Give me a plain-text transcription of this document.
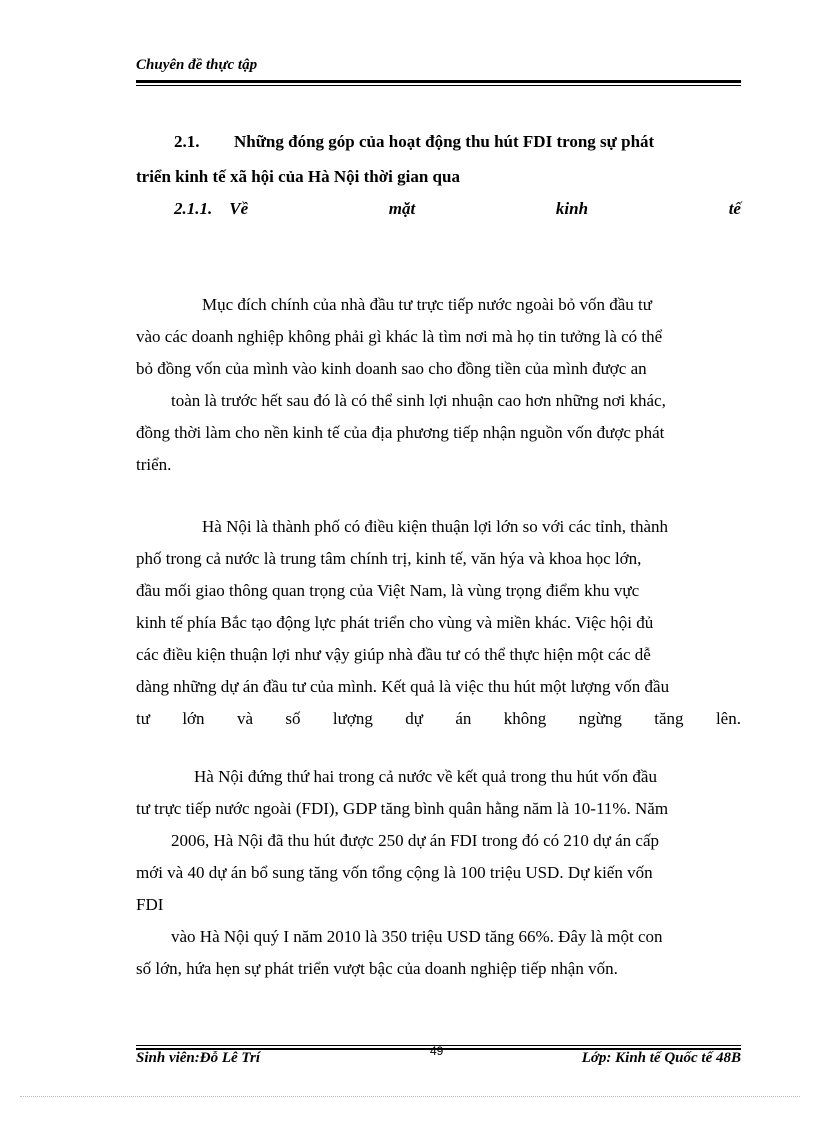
Chuyên đề thực tập
2.1. Những đóng góp của hoạt động thu hút FDI trong sự phát
triển kinh tế xã hội của Hà Nội thời gian qua
2.1.1. Về	mặt	kinh	tế
Mục đích chính của nhà đầu tư trực tiếp nước ngoài bỏ vốn đầu tư
vào các doanh nghiệp không phải gì khác là tìm nơi mà họ tin tưởng là có thể
bỏ đồng vốn của mình vào kinh doanh sao cho đồng tiền của mình được an
toàn là trước hết sau đó là có thể sinh lợi nhuận cao hơn những nơi khác,
đồng thời làm cho nền kinh tế của địa phương tiếp nhận nguồn vốn được phát
triển.
Hà Nội là thành phố có điều kiện thuận lợi lớn so với các tỉnh, thành
phố trong cả nước là trung tâm chính trị, kinh tế, văn hýa và khoa học lớn,
đầu mối giao thông quan trọng của Việt Nam, là vùng trọng điểm khu vực
kinh tế phía Bắc tạo động lực phát triển cho vùng và miền khác. Việc hội đủ
các điều kiện thuận lợi như vậy giúp nhà đầu tư có thể thực hiện một các dễ
dàng những dự án đầu tư của mình. Kết quả là việc thu hút một lượng vốn đầu
tư lớn và số lượng dự án không ngừng tăng lên.
Hà Nội đứng thứ hai trong cả nước về kết quả trong thu hút vốn đầu
tư trực tiếp nước ngoài (FDI), GDP tăng bình quân hằng năm là 10-11%. Năm
2006, Hà Nội đã thu hút được 250 dự án FDI trong đó có 210 dự án cấp
mới và 40 dự án bổ sung tăng vốn tổng cộng là 100 triệu USD. Dự kiến vốn
FDI
vào Hà Nội quý I năm 2010 là 350 triệu USD tăng 66%. Đây là một con
số lớn, hứa hẹn sự phát triển vượt bậc của doanh nghiệp tiếp nhận vốn.
49
Sinh viên:Đỗ Lê Trí	Lớp: Kinh tế Quốc tế 48B
